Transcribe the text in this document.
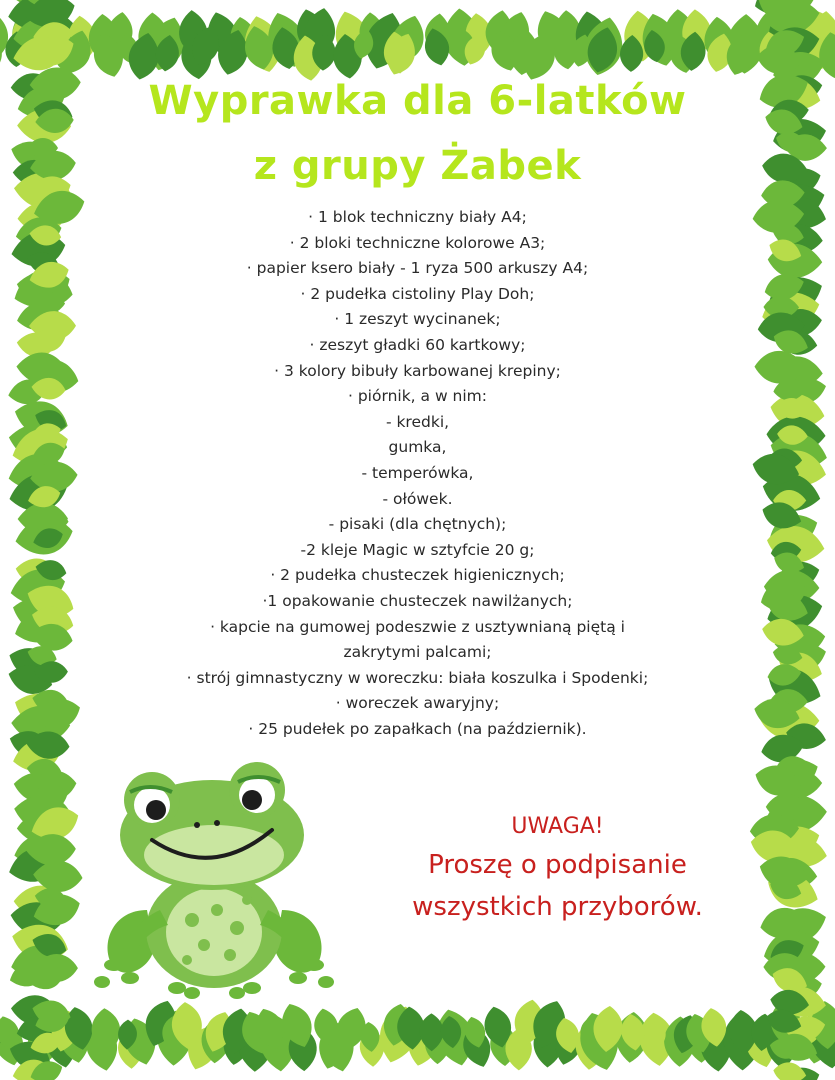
Wyprawka dla 6-latków
z grupy Żabek
· 1 blok techniczny biały A4;
· 2 bloki techniczne kolorowe A3;
· papier ksero biały - 1 ryza 500 arkuszy A4;
· 2 pudełka cistoliny Play Doh;
· 1 zeszyt wycinanek;
· zeszyt gładki 60 kartkowy;
· 3 kolory bibuły karbowanej krepiny;
· piórnik, a w nim:
- kredki,
gumka,
- temperówka,
- ołówek.
- pisaki (dla chętnych);
-2 kleje Magic w sztyfcie 20 g;
· 2 pudełka chusteczek higienicznych;
·1 opakowanie chusteczek nawilżanych;
· kapcie na gumowej podeszwie z usztywnianą piętą i
zakrytymi palcami;
· strój gimnastyczny w woreczku: biała koszulka i Spodenki;
· woreczek awaryjny;
· 25 pudełek po zapałkach (na październik).
UWAGA!
Proszę o podpisanie
wszystkich przyborów.
